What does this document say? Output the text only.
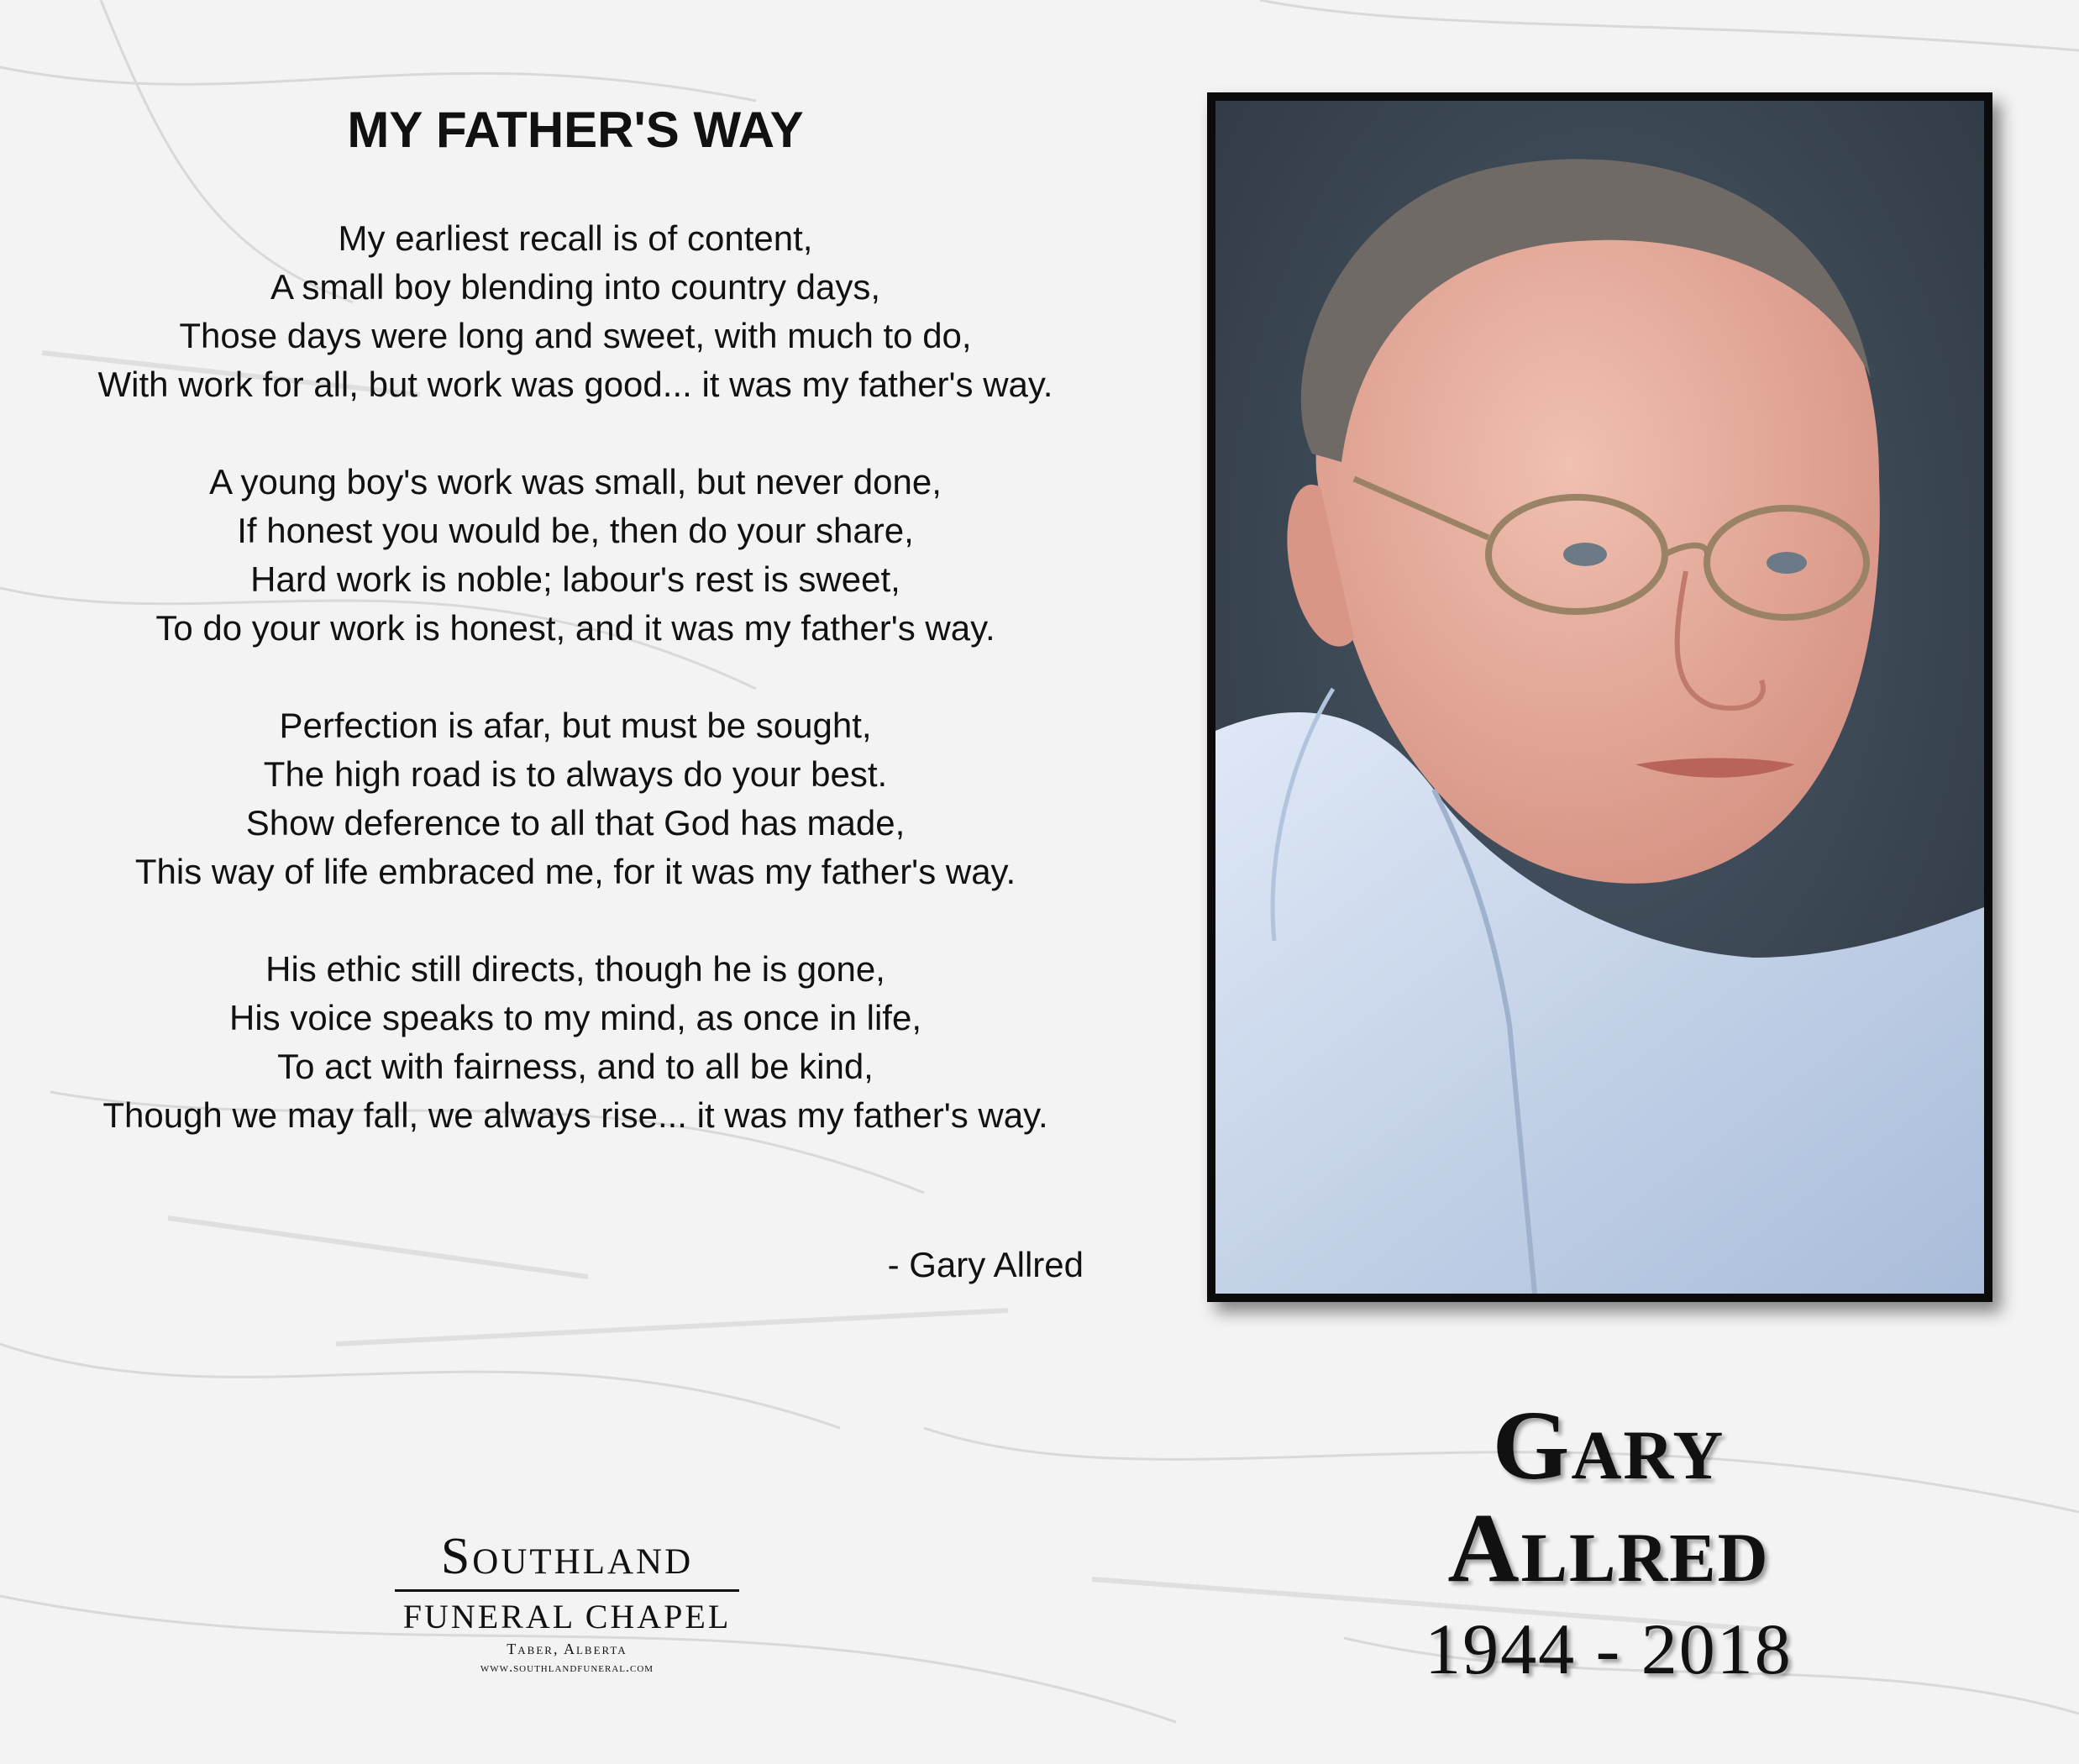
MY FATHER'S WAY

My earliest recall is of content,

A small boy blending into country days,

Those days were long and sweet, with much to do,

With work for all, but work was good... it was my father's way.

A young boy's work was small, but never done,

If honest you would be, then do your share,

Hard work is noble; labour's rest is sweet,

To do your work is honest, and it was my father's way.

Perfection is afar, but must be sought,

The high road is to always do your best.

Show deference to all that God has made,

This way of life embraced me, for it was my father's way.

His ethic still directs, though he is gone,

His voice speaks to my mind, as once in life,

To act with fairness, and to all be kind,

Though we may fall, we always rise... it was my father's way.

- Gary Allred
Gary
Allred
1944 - 2018
Southland
FUNERAL CHAPEL
Taber, Alberta
www.southlandfuneral.com
